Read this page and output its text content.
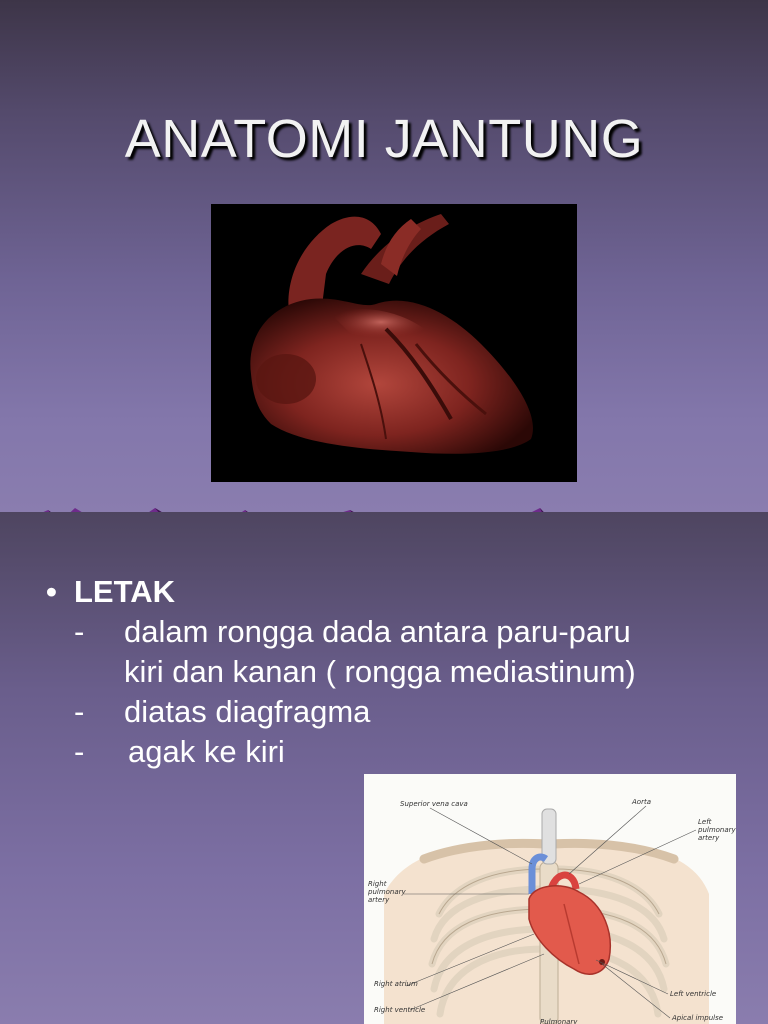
ANATOMI JANTUNG
• LETAK
-	dalam rongga dada antara paru-paru
kiri dan kanan ( rongga mediastinum)
-	diatas diagfragma
-	agak ke kiri
Superior vena cava	Aorta
Left pulmonary artery
Right pulmonary artery
Right atrium
Right ventricle
Left ventricle
Apical impulse
Pulmonary
